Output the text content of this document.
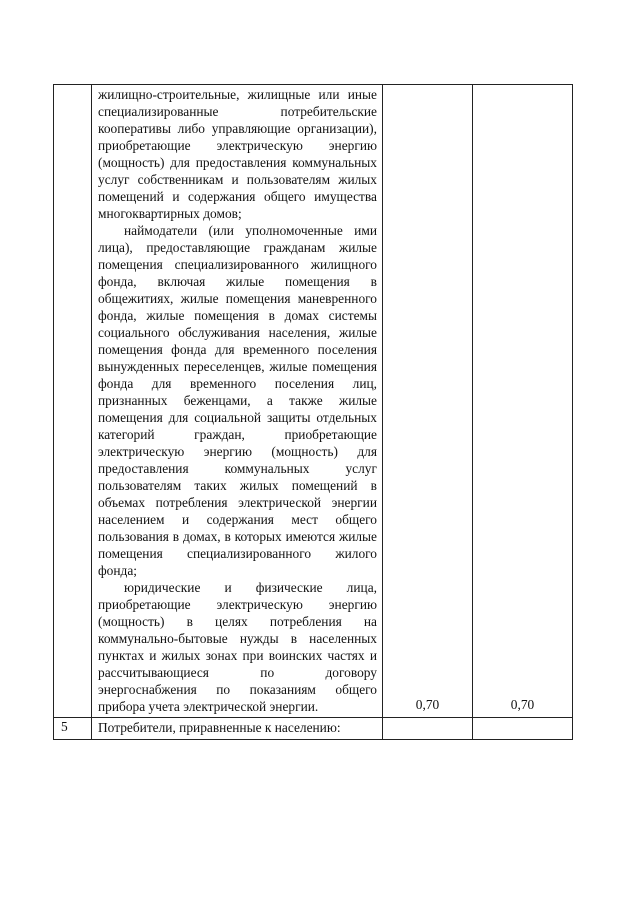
	жилищно-строительные, жилищные или иные специализированные потребительские кооперативы либо управляющие организации), приобретающие электрическую энергию (мощность) для предоставления коммунальных услуг собственникам и пользователям жилых помещений и содержания общего имущества многоквартирных домов;

наймодатели (или уполномоченные ими лица), предоставляющие гражданам жилые помещения специализированного жилищного фонда, включая жилые помещения в общежитиях, жилые помещения маневренного фонда, жилые помещения в домах системы социального обслуживания населения, жилые помещения фонда для временного поселения вынужденных переселенцев, жилые помещения фонда для временного поселения лиц, признанных беженцами, а также жилые помещения для социальной защиты отдельных категорий граждан, приобретающие электрическую энергию (мощность) для предоставления коммунальных услуг пользователям таких жилых помещений в объемах потребления электрической энергии населением и содержания мест общего пользования в домах, в которых имеются жилые помещения специализированного жилого фонда;

юридические и физические лица, приобретающие электрическую энергию (мощность) в целях потребления на коммунально-бытовые нужды в населенных пунктах и жилых зонах при воинских частях и рассчитывающиеся по договору энергоснабжения по показаниям общего прибора учета электрической энергии.	0,70	0,70
5	Потребители, приравненные к населению:		
